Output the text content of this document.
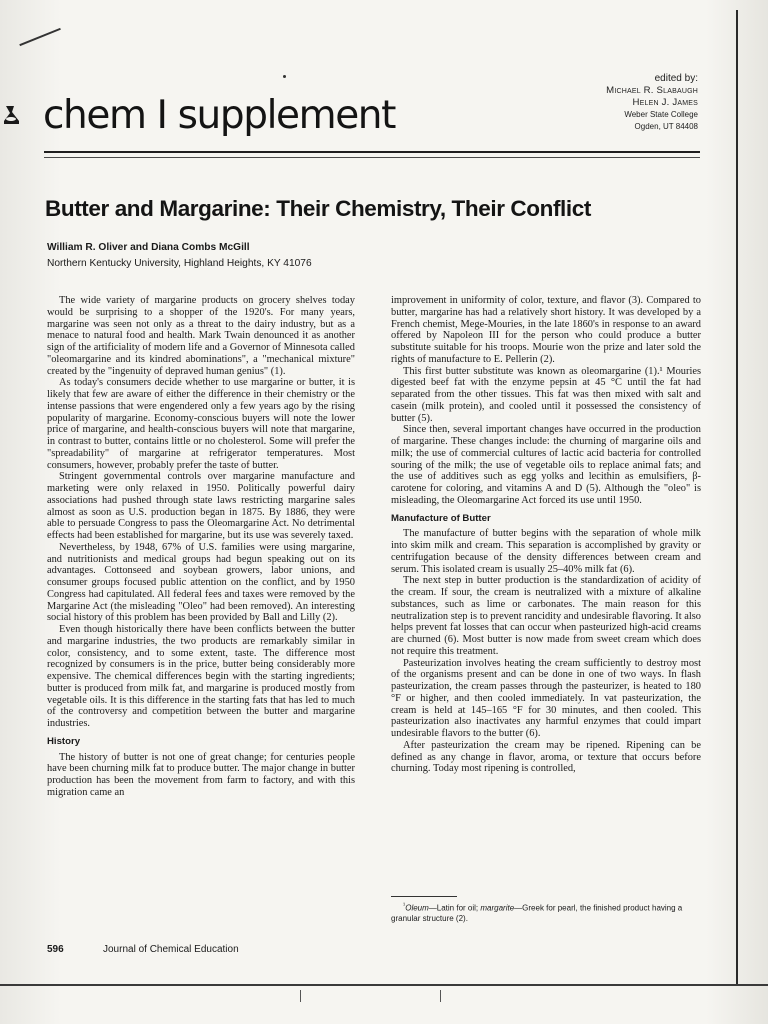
chem I supplement
edited by:
Michael R. Slabaugh
Helen J. James
Weber State College
Ogden, UT 84408
Butter and Margarine: Their Chemistry, Their Conflict
William R. Oliver and Diana Combs McGill
Northern Kentucky University, Highland Heights, KY 41076

The wide variety of margarine products on grocery shelves today would be surprising to a shopper of the 1920's. For many years, margarine was seen not only as a threat to the dairy industry, but as a menace to natural food and health. Mark Twain denounced it as another sign of the artificiality of modern life and a Governor of Minnesota called "oleomargarine and its kindred abominations", a "mechanical mixture" created by the "ingenuity of depraved human genius" (1).

As today's consumers decide whether to use margarine or butter, it is likely that few are aware of either the difference in their chemistry or the intense passions that were engendered only a few years ago by the rising popularity of margarine. Economy-conscious buyers will note the lower price of margarine, and health-conscious buyers will note that margarine, in contrast to butter, contains little or no cholesterol. Some will prefer the "spreadability" of margarine at refrigerator temperatures. Most consumers, however, probably prefer the taste of butter.

Stringent governmental controls over margarine manufacture and marketing were only relaxed in 1950. Politically powerful dairy associations had pushed through state laws restricting margarine sales almost as soon as U.S. production began in 1875. By 1886, they were able to persuade Congress to pass the Oleomargarine Act. No detrimental effects had been established for margarine, but its use was severely taxed.

Nevertheless, by 1948, 67% of U.S. families were using margarine, and nutritionists and medical groups had begun speaking out on its advantages. Cottonseed and soybean growers, labor unions, and consumer groups focused public attention on the conflict, and by 1950 Congress had capitulated. All federal fees and taxes were removed by the Margarine Act (the misleading "Oleo" had been removed). An interesting social history of this problem has been provided by Ball and Lilly (2).

Even though historically there have been conflicts between the butter and margarine industries, the two products are remarkably similar in color, consistency, and to some extent, taste. The difference most recognized by consumers is in the price, butter being considerably more expensive. The chemical differences begin with the starting ingredients; butter is produced from milk fat, and margarine is produced mostly from vegetable oils. It is this difference in the starting fats that has led to much of the controversy and competition between the butter and margarine industries.

History

The history of butter is not one of great change; for centuries people have been churning milk fat to produce butter. The major change in butter production has been the movement from farm to factory, and with this migration came an

improvement in uniformity of color, texture, and flavor (3). Compared to butter, margarine has had a relatively short history. It was developed by a French chemist, Mege-Mouries, in the late 1860's in response to an award offered by Napoleon III for the person who could produce a butter substitute suitable for his troops. Mourie won the prize and later sold the rights of manufacture to E. Pellerin (2).

This first butter substitute was known as oleomargarine (1).¹ Mouries digested beef fat with the enzyme pepsin at 45 °C until the fat had separated from the other tissues. This fat was then mixed with salt and casein (milk protein), and cooled until it possessed the consistency of butter (5).

Since then, several important changes have occurred in the production of margarine. These changes include: the churning of margarine oils and milk; the use of commercial cultures of lactic acid bacteria for controlled souring of the milk; the use of vegetable oils to replace animal fats; and the use of additives such as egg yolks and lecithin as emulsifiers, β-carotene for coloring, and vitamins A and D (5). Although the "oleo" is misleading, the Oleomargarine Act forced its use until 1950.

Manufacture of Butter

The manufacture of butter begins with the separation of whole milk into skim milk and cream. This separation is accomplished by gravity or centrifugation because of the density differences between cream and serum. This isolated cream is usually 25–40% milk fat (6).

The next step in butter production is the standardization of acidity of the cream. If sour, the cream is neutralized with a mixture of alkaline substances, such as lime or carbonates. The main reason for this neutralization step is to prevent rancidity and undesirable flavoring. It also helps prevent fat losses that can occur when pasteurized high-acid creams are churned (6). Most butter is now made from sweet cream which does not require this treatment.

Pasteurization involves heating the cream sufficiently to destroy most of the organisms present and can be done in one of two ways. In flash pasteurization, the cream passes through the pasteurizer, is heated to 180 °F or higher, and then cooled immediately. In vat pasteurization, the cream is held at 145–165 °F for 30 minutes, and then cooled. This pasteurization also inactivates any harmful enzymes that could impart undesirable flavors to the butter (6).

After pasteurization the cream may be ripened. Ripening can be defined as any change in flavor, aroma, or texture that occurs before churning. Today most ripening is controlled,

$^{^1}$Oleum—Latin for oil; margarite—Greek for pearl, the finished product having a granular structure (2).
596	Journal of Chemical Education
